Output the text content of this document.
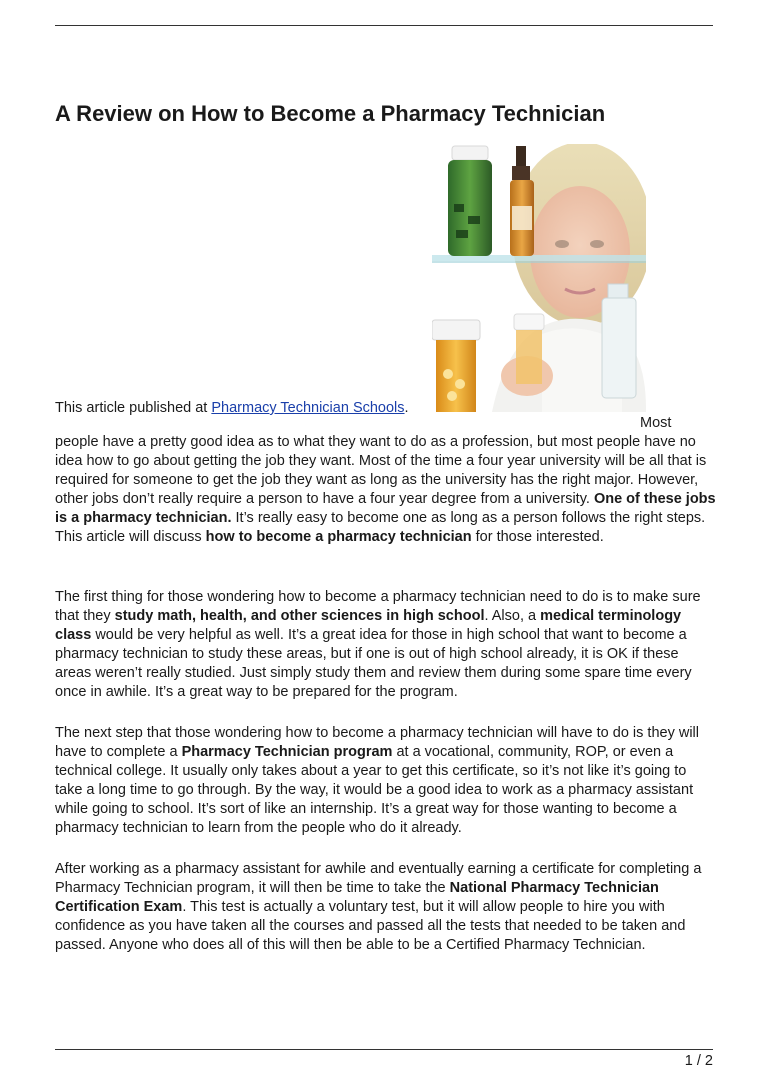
A Review on How to Become a Pharmacy Technician
This article published at Pharmacy Technician Schools.
Most

people have a pretty good idea as to what they want to do as a profession, but most people have no idea how to go about getting the job they want. Most of the time a four year university will be all that is required for someone to get the job they want as long as the university has the right major. However, other jobs don’t really require a person to have a four year degree from a university. One of these jobs is a pharmacy technician. It’s really easy to become one as long as a person follows the right steps. This article will discuss how to become a pharmacy technician for those interested.

The first thing for those wondering how to become a pharmacy technician need to do is to make sure that they study math, health, and other sciences in high school. Also, a medical terminology class would be very helpful as well. It’s a great idea for those in high school that want to become a pharmacy technician to study these areas, but if one is out of high school already, it is OK if these areas weren’t really studied. Just simply study them and review them during some spare time every once in awhile. It’s a great way to be prepared for the program.

The next step that those wondering how to become a pharmacy technician will have to do is they will have to complete a Pharmacy Technician program at a vocational, community, ROP, or even a technical college. It usually only takes about a year to get this certificate, so it’s not like it’s going to take a long time to go through. By the way, it would be a good idea to work as a pharmacy assistant while going to school. It’s sort of like an internship. It’s a great way for those wanting to become a pharmacy technician to learn from the people who do it already.

After working as a pharmacy assistant for awhile and eventually earning a certificate for completing a Pharmacy Technician program, it will then be time to take the National Pharmacy Technician Certification Exam. This test is actually a voluntary test, but it will allow people to hire you with confidence as you have taken all the courses and passed all the tests that needed to be taken and passed. Anyone who does all of this will then be able to be a Certified Pharmacy Technician.

1 / 2
